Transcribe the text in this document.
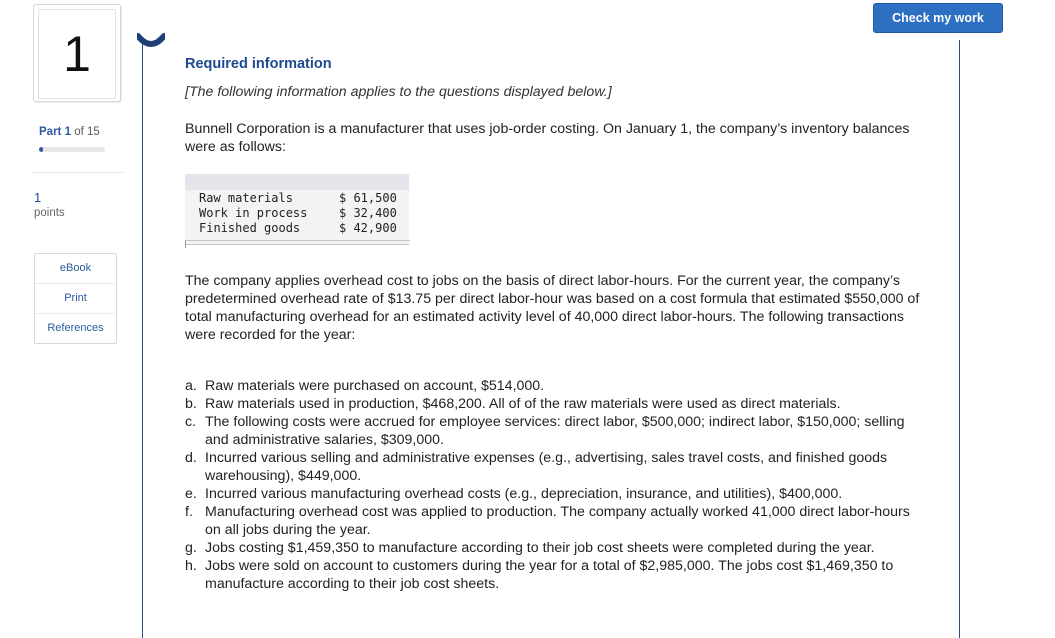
1
Part 1 of 15
1
points
eBook
Print
References
Check my work
Required information
[The following information applies to the questions displayed below.]
Bunnell Corporation is a manufacturer that uses job-order costing. On January 1, the company’s inventory balances were as follows:
Raw materials	$ 61,500
Work in process	$ 32,400
Finished goods	$ 42,900
The company applies overhead cost to jobs on the basis of direct labor-hours. For the current year, the company’s predetermined overhead rate of $13.75 per direct labor-hour was based on a cost formula that estimated $550,000 of total manufacturing overhead for an estimated activity level of 40,000 direct labor-hours. The following transactions were recorded for the year:
a. Raw materials were purchased on account, $514,000.
b. Raw materials used in production, $468,200. All of of the raw materials were used as direct materials.
c. The following costs were accrued for employee services: direct labor, $500,000; indirect labor, $150,000; selling and administrative salaries, $309,000.
d. Incurred various selling and administrative expenses (e.g., advertising, sales travel costs, and finished goods warehousing), $449,000.
e. Incurred various manufacturing overhead costs (e.g., depreciation, insurance, and utilities), $400,000.
f. Manufacturing overhead cost was applied to production. The company actually worked 41,000 direct labor-hours on all jobs during the year.
g. Jobs costing $1,459,350 to manufacture according to their job cost sheets were completed during the year.
h. Jobs were sold on account to customers during the year for a total of $2,985,000. The jobs cost $1,469,350 to manufacture according to their job cost sheets.
